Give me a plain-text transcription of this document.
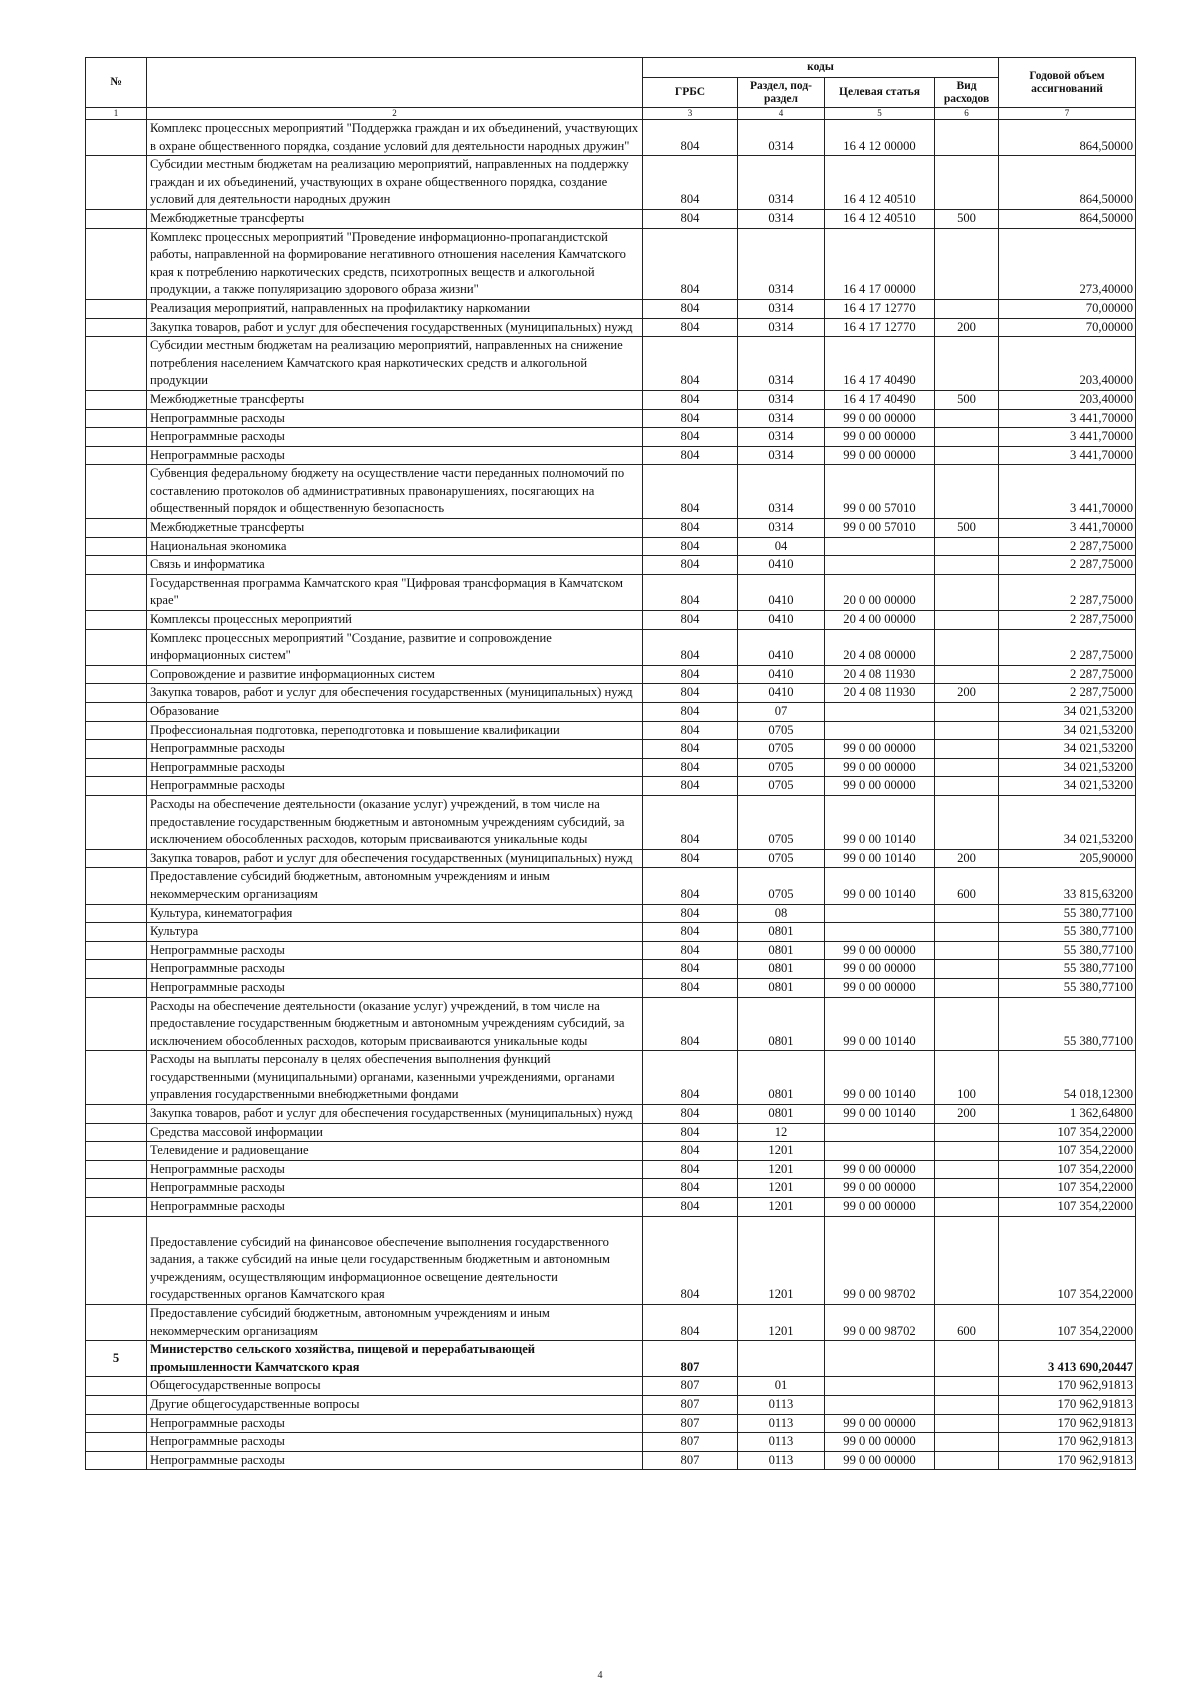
№		коды				Годовой объем ассигнований
		ГРБС	Раздел, под-раздел	Целевая статья	Вид расходов	
1	2	3	4	5	6	7
	Комплекс процессных мероприятий "Поддержка граждан и их объединений, участвующих в охране общественного порядка, создание условий для деятельности народных дружин"	804	0314	16 4 12 00000		864,50000
	Субсидии местным бюджетам на реализацию мероприятий, направленных на поддержку граждан и их объединений, участвующих в охране общественного порядка, создание условий для деятельности народных дружин	804	0314	16 4 12 40510		864,50000
	Межбюджетные трансферты	804	0314	16 4 12 40510	500	864,50000
	Комплекс процессных мероприятий "Проведение информационно-пропагандистской работы, направленной на формирование негативного отношения населения Камчатского края к потреблению наркотических средств, психотропных веществ и алкогольной продукции, а также популяризацию здорового образа жизни"	804	0314	16 4 17 00000		273,40000
	Реализация мероприятий, направленных на профилактику наркомании	804	0314	16 4 17 12770		70,00000
	Закупка товаров, работ и услуг для обеспечения государственных (муниципальных) нужд	804	0314	16 4 17 12770	200	70,00000
	Субсидии местным бюджетам на реализацию мероприятий, направленных на снижение потребления населением Камчатского края наркотических средств и алкогольной продукции	804	0314	16 4 17 40490		203,40000
	Межбюджетные трансферты	804	0314	16 4 17 40490	500	203,40000
	Непрограммные расходы	804	0314	99 0 00 00000		3 441,70000
	Непрограммные расходы	804	0314	99 0 00 00000		3 441,70000
	Непрограммные расходы	804	0314	99 0 00 00000		3 441,70000
	Субвенция федеральному бюджету на осуществление части переданных полномочий по составлению протоколов об административных правонарушениях, посягающих на общественный порядок и общественную безопасность	804	0314	99 0 00 57010		3 441,70000
	Межбюджетные трансферты	804	0314	99 0 00 57010	500	3 441,70000
	Национальная экономика	804	04			2 287,75000
	Связь и информатика	804	0410			2 287,75000
	Государственная программа Камчатского края "Цифровая трансформация в Камчатском крае"	804	0410	20 0 00 00000		2 287,75000
	Комплексы процессных мероприятий	804	0410	20 4 00 00000		2 287,75000
	Комплекс процессных мероприятий "Создание, развитие и сопровождение информационных систем"	804	0410	20 4 08 00000		2 287,75000
	Сопровождение и развитие информационных систем	804	0410	20 4 08 11930		2 287,75000
	Закупка товаров, работ и услуг для обеспечения государственных (муниципальных) нужд	804	0410	20 4 08 11930	200	2 287,75000
	Образование	804	07			34 021,53200
	Профессиональная подготовка, переподготовка и повышение квалификации	804	0705			34 021,53200
	Непрограммные расходы	804	0705	99 0 00 00000		34 021,53200
	Непрограммные расходы	804	0705	99 0 00 00000		34 021,53200
	Непрограммные расходы	804	0705	99 0 00 00000		34 021,53200
	Расходы на обеспечение деятельности (оказание услуг) учреждений, в том числе на предоставление государственным бюджетным и автономным учреждениям субсидий, за исключением обособленных расходов, которым присваиваются уникальные коды	804	0705	99 0 00 10140		34 021,53200
	Закупка товаров, работ и услуг для обеспечения государственных (муниципальных) нужд	804	0705	99 0 00 10140	200	205,90000
	Предоставление субсидий бюджетным, автономным учреждениям и иным некоммерческим организациям	804	0705	99 0 00 10140	600	33 815,63200
	Культура, кинематография	804	08			55 380,77100
	Культура	804	0801			55 380,77100
	Непрограммные расходы	804	0801	99 0 00 00000		55 380,77100
	Непрограммные расходы	804	0801	99 0 00 00000		55 380,77100
	Непрограммные расходы	804	0801	99 0 00 00000		55 380,77100
	Расходы на обеспечение деятельности (оказание услуг) учреждений, в том числе на предоставление государственным бюджетным и автономным учреждениям субсидий, за исключением обособленных расходов, которым присваиваются уникальные коды	804	0801	99 0 00 10140		55 380,77100
	Расходы на выплаты персоналу в целях обеспечения выполнения функций государственными (муниципальными) органами, казенными учреждениями, органами управления государственными внебюджетными фондами	804	0801	99 0 00 10140	100	54 018,12300
	Закупка товаров, работ и услуг для обеспечения государственных (муниципальных) нужд	804	0801	99 0 00 10140	200	1 362,64800
	Средства массовой информации	804	12			107 354,22000
	Телевидение и радиовещание	804	1201			107 354,22000
	Непрограммные расходы	804	1201	99 0 00 00000		107 354,22000
	Непрограммные расходы	804	1201	99 0 00 00000		107 354,22000
	Непрограммные расходы	804	1201	99 0 00 00000		107 354,22000
	Предоставление субсидий на финансовое обеспечение выполнения государственного задания, а также субсидий на иные цели государственным бюджетным и автономным учреждениям, осуществляющим информационное освещение деятельности государственных органов Камчатского края	804	1201	99 0 00 98702		107 354,22000
	Предоставление субсидий бюджетным, автономным учреждениям и иным некоммерческим организациям	804	1201	99 0 00 98702	600	107 354,22000
5	Министерство сельского хозяйства, пищевой и перерабатывающей промышленности Камчатского края	807				3 413 690,20447
	Общегосударственные вопросы	807	01			170 962,91813
	Другие общегосударственные вопросы	807	0113			170 962,91813
	Непрограммные расходы	807	0113	99 0 00 00000		170 962,91813
	Непрограммные расходы	807	0113	99 0 00 00000		170 962,91813
	Непрограммные расходы	807	0113	99 0 00 00000		170 962,91813
4
